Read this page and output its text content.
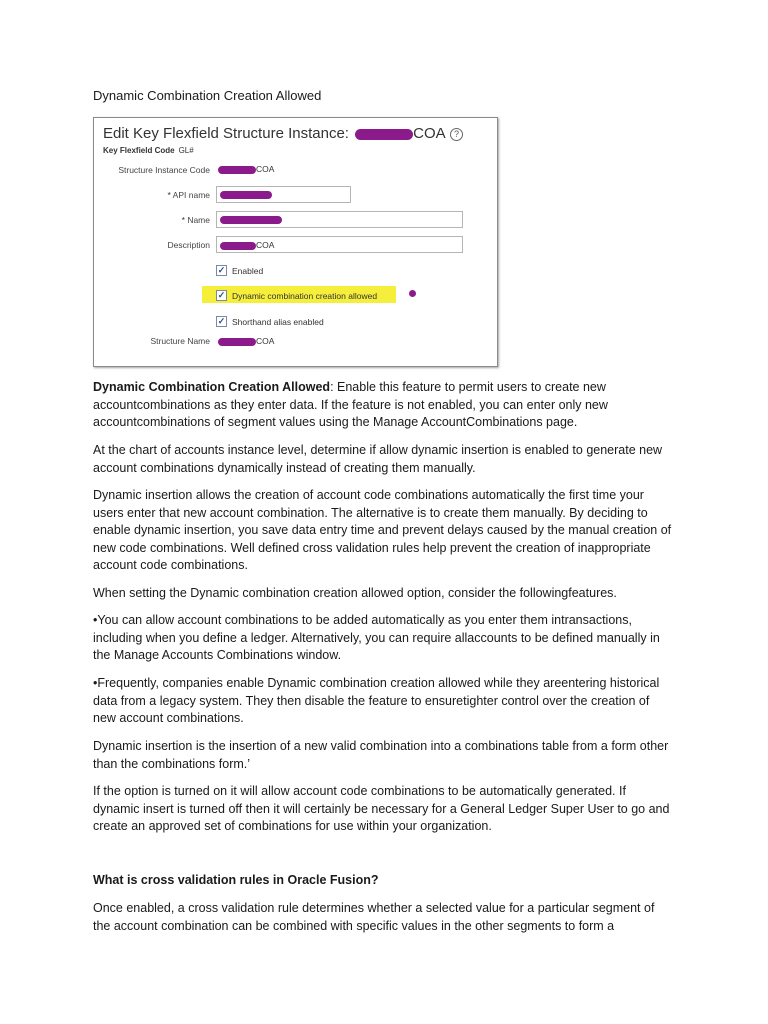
Dynamic Combination Creation Allowed
Edit Key Flexfield Structure Instance:	COA ?
Key Flexfield Code GL#
Structure Instance Code	COA
* API name
* Name
Description	COA
✓ Enabled
✓ Dynamic combination creation allowed
✓ Shorthand alias enabled
Structure Name	COA
Dynamic Combination Creation Allowed: Enable this feature to permit users to create new accountcombinations as they enter data. If the feature is not enabled, you can enter only new accountcombinations of segment values using the Manage AccountCombinations page.
At the chart of accounts instance level, determine if allow dynamic insertion is enabled to generate new account combinations dynamically instead of creating them manually.
Dynamic insertion allows the creation of account code combinations automatically the first time your users enter that new account combination. The alternative is to create them manually. By deciding to enable dynamic insertion, you save data entry time and prevent delays caused by the manual creation of new code combinations. Well defined cross validation rules help prevent the creation of inappropriate account code combinations.
When setting the Dynamic combination creation allowed option, consider the followingfeatures.
•You can allow account combinations to be added automatically as you enter them intransactions, including when you define a ledger. Alternatively, you can require allaccounts to be defined manually in the Manage Accounts Combinations window.
•Frequently, companies enable Dynamic combination creation allowed while they areentering historical data from a legacy system. They then disable the feature to ensuretighter control over the creation of new account combinations.
Dynamic insertion is the insertion of a new valid combination into a combinations table from a form other than the combinations form.’
If the option is turned on it will allow account code combinations to be automatically generated. If dynamic insert is turned off then it will certainly be necessary for a General Ledger Super User to go and create an approved set of combinations for use within your organization.
What is cross validation rules in Oracle Fusion?
Once enabled, a cross validation rule determines whether a selected value for a particular segment of the account combination can be combined with specific values in the other segments to form a
